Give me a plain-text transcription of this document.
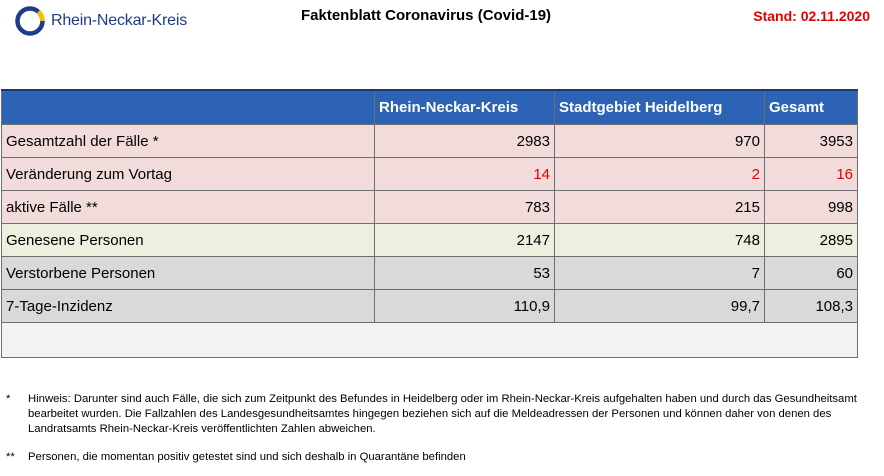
Rhein-Neckar-Kreis	Faktenblatt Coronavirus (Covid-19)	Stand: 02.11.2020
	Rhein-Neckar-Kreis	Stadtgebiet Heidelberg	Gesamt
Gesamtzahl der Fälle *	2983	970	3953
Veränderung zum Vortag	14	2	16
aktive Fälle **	783	215	998
Genesene Personen	2147	748	2895
Verstorbene Personen	53	7	60
7-Tage-Inzidenz	110,9	99,7	108,3

*	Hinweis: Darunter sind auch Fälle, die sich zum Zeitpunkt des Befundes in Heidelberg oder im Rhein-Neckar-Kreis aufgehalten haben und durch das Gesundheitsamt bearbeitet wurden. Die Fallzahlen des Landesgesundheitsamtes hingegen beziehen sich auf die Meldeadressen der Personen und können daher von denen des Landratsamts Rhein-Neckar-Kreis veröffentlichten Zahlen abweichen.
**	Personen, die momentan positiv getestet sind und sich deshalb in Quarantäne befinden
